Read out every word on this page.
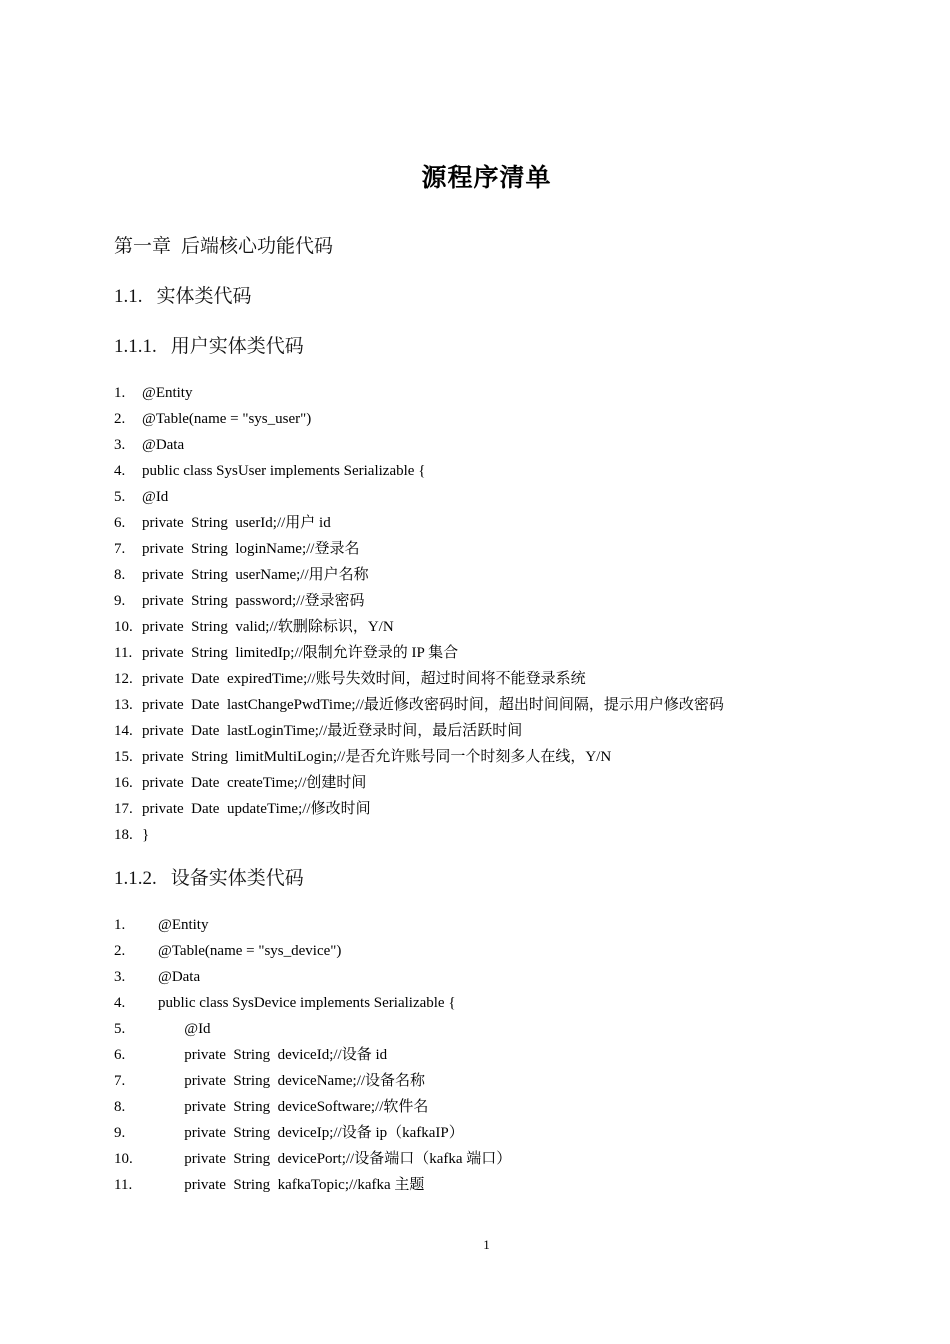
源程序清单
第一章 后端核心功能代码
1.1. 实体类代码
1.1.1. 用户实体类代码
1. @Entity
2. @Table(name = "sys_user")
3. @Data
4. public class SysUser implements Serializable {
5. @Id
6. private  String  userId;//用户 id
7. private  String  loginName;//登录名
8. private  String  userName;//用户名称
9. private  String  password;//登录密码
10. private  String  valid;//软删除标识，Y/N
11. private  String  limitedIp;//限制允许登录的 IP 集合
12. private  Date  expiredTime;//账号失效时间，超过时间将不能登录系统
13. private  Date  lastChangePwdTime;//最近修改密码时间，超出时间间隔，提示用户修改密码
14. private  Date  lastLoginTime;//最近登录时间，最后活跃时间
15. private  String  limitMultiLogin;//是否允许账号同一个时刻多人在线，Y/N
16. private  Date  createTime;//创建时间
17. private  Date  updateTime;//修改时间
18. }
1.1.2. 设备实体类代码
1. @Entity
2. @Table(name = "sys_device")
3. @Data
4. public class SysDevice implements Serializable {
5.       @Id
6.       private  String  deviceId;//设备 id
7.       private  String  deviceName;//设备名称
8.       private  String  deviceSoftware;//软件名
9.       private  String  deviceIp;//设备 ip（kafkaIP）
10.       private  String  devicePort;//设备端口（kafka 端口）
11.       private  String  kafkaTopic;//kafka 主题
1
